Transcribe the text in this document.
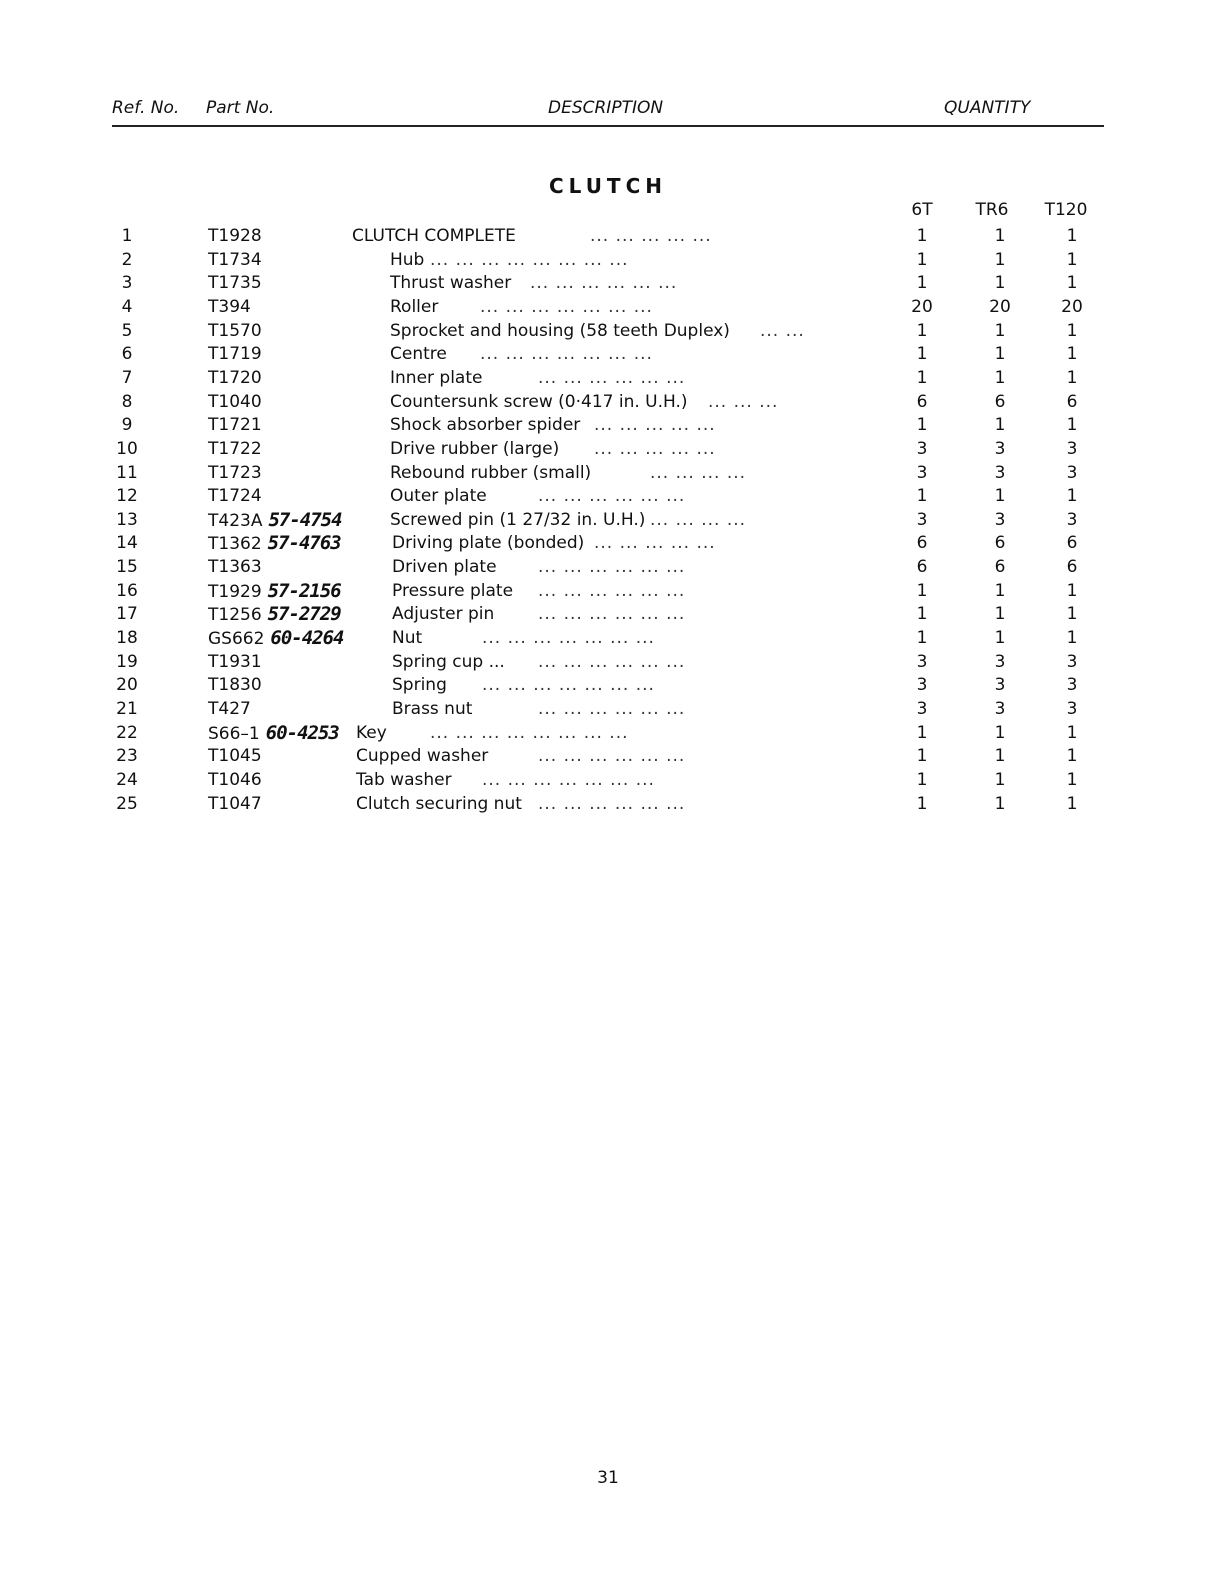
Ref. No. Part No.	DESCRIPTION	QUANTITY
CLUTCH
6T	TR6	T120
1	T1928	CLUTCH COMPLETE	... ... ... ... ...	1	1	1
2	T1734	Hub ... ... ... ... ... ... ... ...	1	1	1
3	T1735	Thrust washer ... ... ... ... ... ...	1	1	1
4	T394	Roller ... ... ... ... ... ... ...	20	20	20
5	T1570	Sprocket and housing (58 teeth Duplex) ... ...	1	1	1
6	T1719	Centre ... ... ... ... ... ... ...	1	1	1
7	T1720	Inner plate	... ... ... ... ... ...	1	1	1
8	T1040	Countersunk screw (0·417 in. U.H.) ... ... ...	6	6	6
9	T1721	Shock absorber spider ... ... ... ... ...	1	1	1
10	T1722	Drive rubber (large) ... ... ... ... ...	3	3	3
11	T1723	Rebound rubber (small)	... ... ... ...	3	3	3
12	T1724	Outer plate	... ... ... ... ... ...	1	1	1
13	T423A 57-4754	Screwed pin (1 27/32 in. U.H.) ... ... ... ...	3	3	3
14	T1362 57-4763	Driving plate (bonded) ... ... ... ... ...	6	6	6
15	T1363	Driven plate ... ... ... ... ... ...	6	6	6
16	T1929 57-2156	Pressure plate ... ... ... ... ... ...	1	1	1
17	T1256 57-2729	Adjuster pin	... ... ... ... ... ...	1	1	1
18	GS662 60-4264	Nut	... ... ... ... ... ... ...	1	1	1
19	T1931	Spring cup ... ... ... ... ... ... ...	3	3	3
20	T1830	Spring ... ... ... ... ... ... ...	3	3	3
21	T427	Brass nut	... ... ... ... ... ...	3	3	3
22	S66–1 60-4253 Key	... ... ... ... ... ... ... ...	1	1	1
23	T1045	Cupped washer	... ... ... ... ... ...	1	1	1
24	T1046	Tab washer ... ... ... ... ... ... ...	1	1	1
25	T1047	Clutch securing nut ... ... ... ... ... ...	1	1	1
31
